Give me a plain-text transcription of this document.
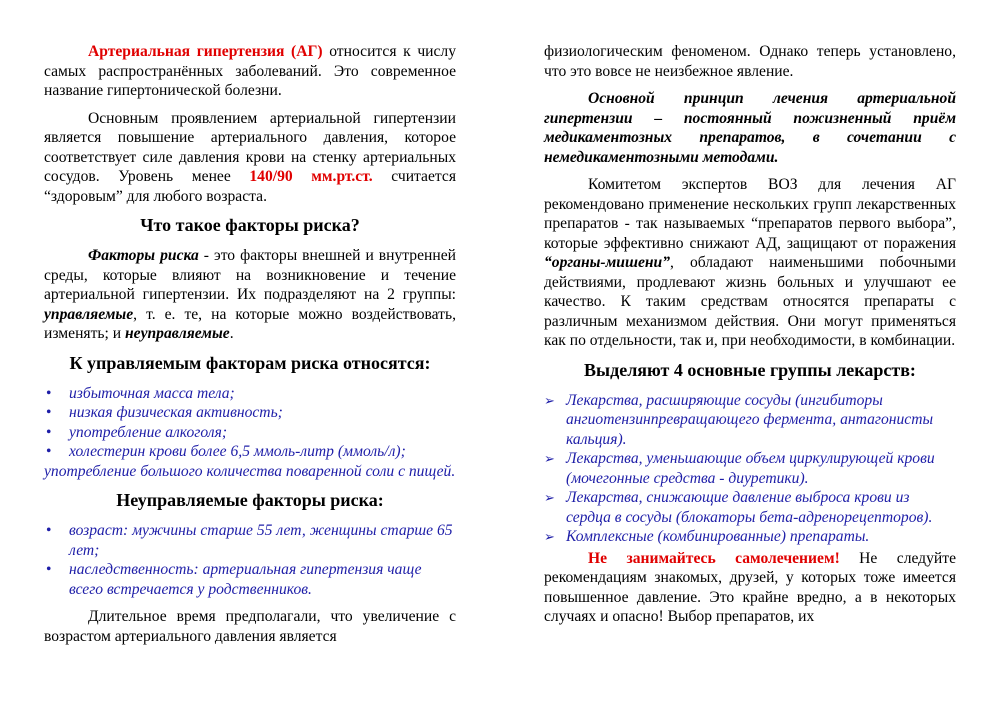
Артериальная гипертензия (АГ) относится к числу самых распространённых заболеваний. Это современное название гипертонической болезни.

Основным проявлением артериальной гипертензии является повышение артериального давления, которое соответствует силе давления крови на стенку артериальных сосудов. Уровень менее 140/90 мм.рт.ст. считается “здоровым” для любого возраста.

Что такое факторы риска?

Факторы риска - это факторы внешней и внутренней среды, которые влияют на возникновение и течение артериальной гипертензии. Их подразделяют на 2 группы: управляемые, т. е. те, на которые можно воздействовать, изменять; и неуправляемые.

К управляемым факторам риска относятся:
• избыточная масса тела;
• низкая физическая активность;
• употребление алкоголя;
• холестерин крови более 6,5 ммоль-литр (ммоль/л);
употребление большого количества поваренной соли с пищей.
Неуправляемые факторы риска:
• возраст: мужчины старше 55 лет, женщины старше 65 лет;
• наследственность: артериальная гипертензия чаще всего встречается у родственников.

Длительное время предполагали, что увеличение с возрастом артериального давления является

физиологическим феноменом. Однако теперь установлено, что это вовсе не неизбежное явление.

Основной принцип лечения артериальной гипертензии – постоянный пожизненный приём медикаментозных препаратов, в сочетании с немедикаментозными методами.

Комитетом экспертов ВОЗ для лечения АГ рекомендовано применение нескольких групп лекарственных препаратов - так называемых “препаратов первого выбора”, которые эффективно снижают АД, защищают от поражения “органы-мишени”, обладают наименьшими побочными действиями, продлевают жизнь больных и улучшают ее качество. К таким средствам относятся препараты с различным механизмом действия. Они могут применяться как по отдельности, так и, при необходимости, в комбинации.

Выделяют 4 основные группы лекарств:
➢ Лекарства, расширяющие сосуды (ингибиторы ангиотензинпревращающего фермента, антагонисты кальция).
➢ Лекарства, уменьшающие объем циркулирующей крови (мочегонные средства - диуретики).
➢ Лекарства, снижающие давление выброса крови из сердца в сосуды (блокаторы бета-адренорецепторов).
➢ Комплексные (комбинированные) препараты.

Не занимайтесь самолечением! Не следуйте рекомендациям знакомых, друзей, у которых тоже имеется повышенное давление. Это крайне вредно, а в некоторых случаях и опасно! Выбор препаратов, их
